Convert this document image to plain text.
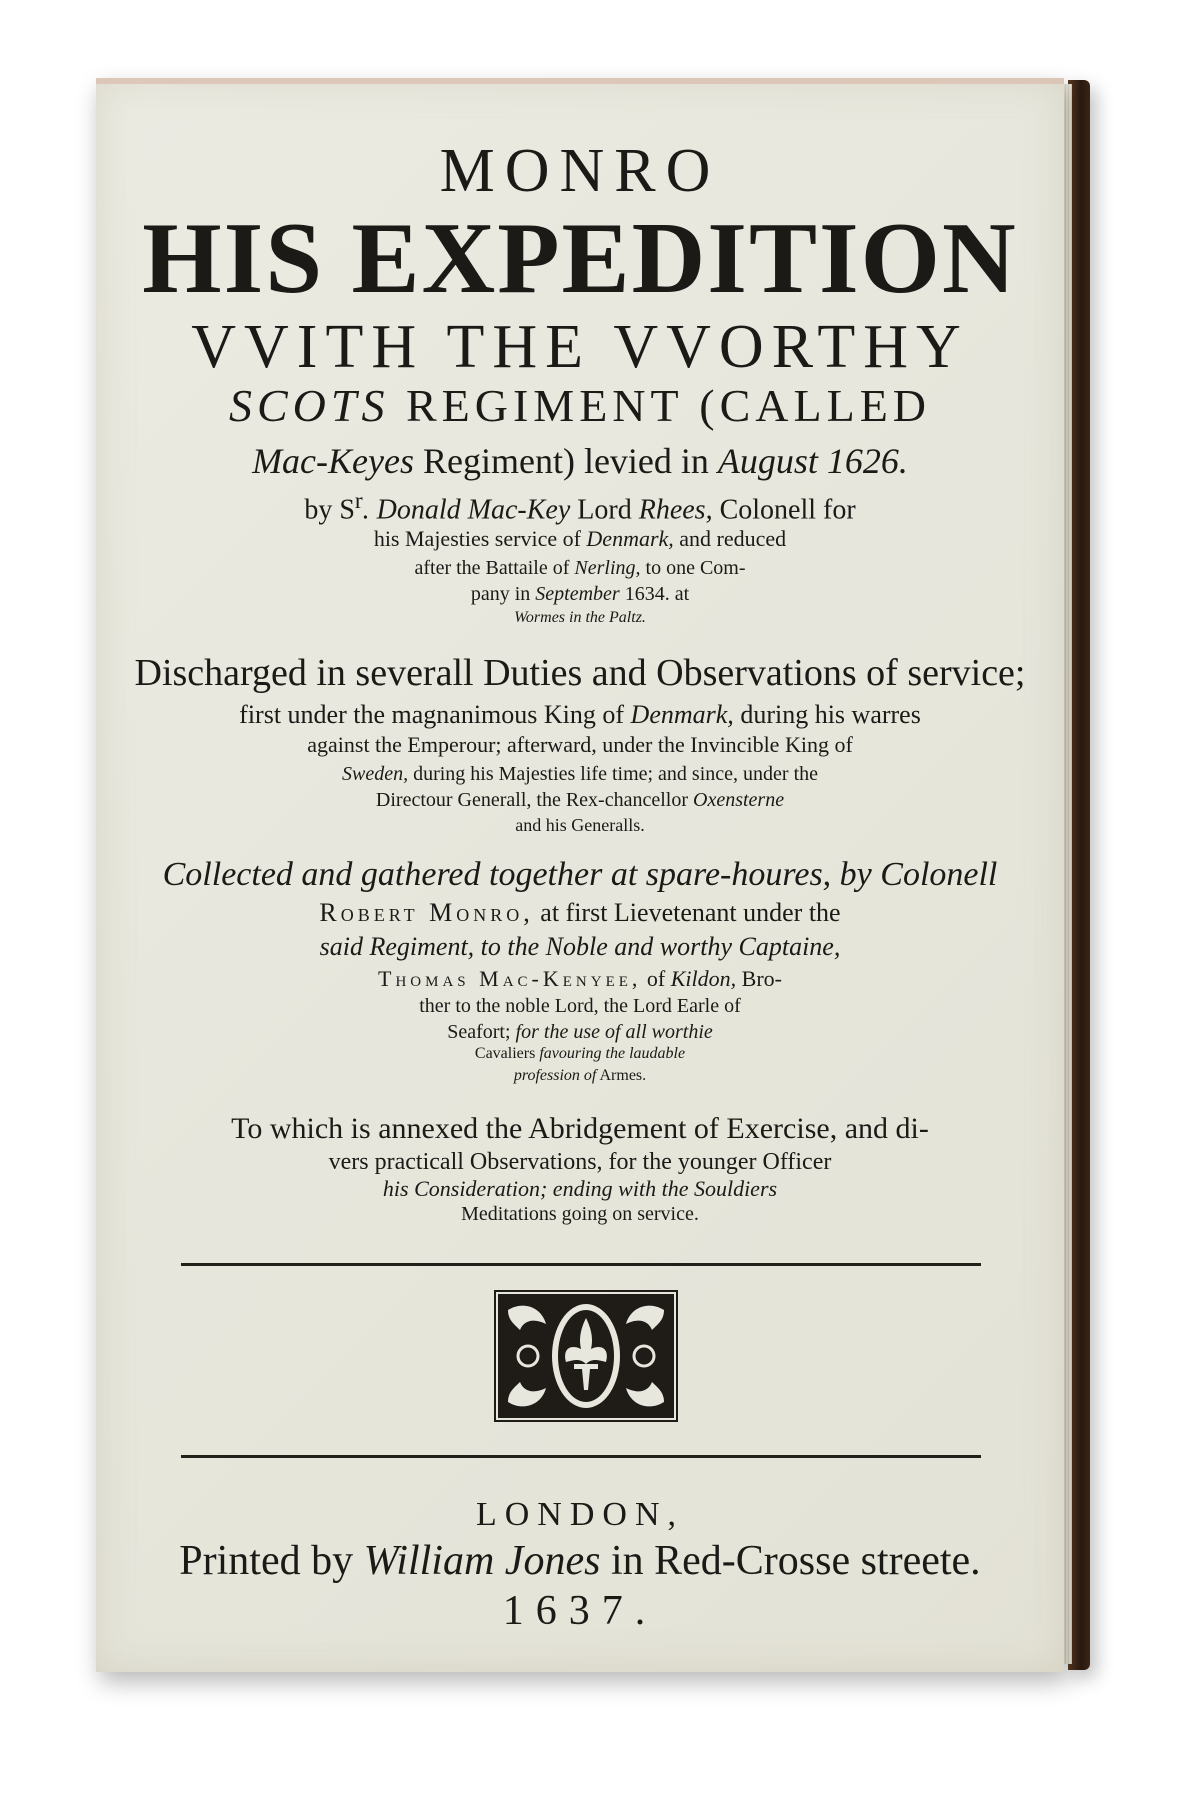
MONRO
HIS EXPEDITION
VVITH THE VVORTHY
SCOTS REGIMENT (CALLED
Mac-Keyes Regiment) levied in August 1626.
by $S^r$. Donald Mac-Key Lord Rhees, Colonell for
his Majesties service of Denmark, and reduced
after the Battaile of Nerling, to one Com-
pany in September 1634. at
Wormes in the Paltz.
Discharged in severall Duties and Observations of service;
first under the magnanimous King of Denmark, during his warres
against the Emperour; afterward, under the Invincible King of
Sweden, during his Majesties life time; and since, under the
Directour Generall, the Rex-chancellor Oxensterne
and his Generalls.
Collected and gathered together at spare-houres, by Colonell
Robert Monro, at first Lievetenant under the
said Regiment, to the Noble and worthy Captaine,
Thomas Mac-Kenyee, of Kildon, Bro-
ther to the noble Lord, the Lord Earle of
Seafort; for the use of all worthie
Cavaliers favouring the laudable
profession of Armes.
To which is annexed the Abridgement of Exercise, and di-
vers practicall Observations, for the younger Officer
his Consideration; ending with the Souldiers
Meditations going on service.
LONDON,
Printed by William Jones in Red-Crosse streete.
1637.
